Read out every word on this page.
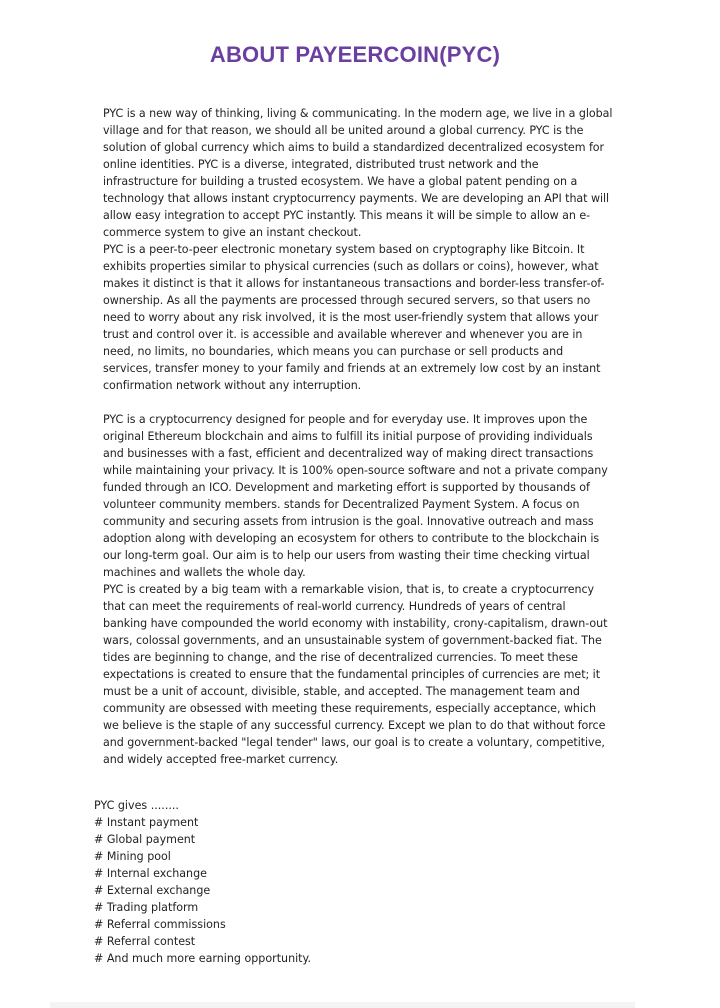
ABOUT PAYEERCOIN(PYC)

PYC is a new way of thinking, living & communicating. In the modern age, we live in a global village and for that reason, we should all be united around a global currency. PYC is the solution of global currency which aims to build a standardized decentralized ecosystem for online identities. PYC is a diverse, integrated, distributed trust network and the infrastructure for building a trusted ecosystem. We have a global patent pending on a technology that allows instant cryptocurrency payments. We are developing an API that will allow easy integration to accept PYC instantly. This means it will be simple to allow an e-commerce system to give an instant checkout.

PYC is a peer-to-peer electronic monetary system based on cryptography like Bitcoin. It exhibits properties similar to physical currencies (such as dollars or coins), however, what makes it distinct is that it allows for instantaneous transactions and border-less transfer-of-ownership. As all the payments are processed through secured servers, so that users no need to worry about any risk involved, it is the most user-friendly system that allows your trust and control over it. is accessible and available wherever and whenever you are in need, no limits, no boundaries, which means you can purchase or sell products and services, transfer money to your family and friends at an extremely low cost by an instant confirmation network without any interruption.

PYC is a cryptocurrency designed for people and for everyday use. It improves upon the original Ethereum blockchain and aims to fulfill its initial purpose of providing individuals and businesses with a fast, efficient and decentralized way of making direct transactions while maintaining your privacy. It is 100% open-source software and not a private company funded through an ICO. Development and marketing effort is supported by thousands of volunteer community members. stands for Decentralized Payment System. A focus on community and securing assets from intrusion is the goal. Innovative outreach and mass adoption along with developing an ecosystem for others to contribute to the blockchain is our long-term goal. Our aim is to help our users from wasting their time checking virtual machines and wallets the whole day.

PYC is created by a big team with a remarkable vision, that is, to create a cryptocurrency that can meet the requirements of real-world currency. Hundreds of years of central banking have compounded the world economy with instability, crony-capitalism, drawn-out wars, colossal governments, and an unsustainable system of government-backed fiat. The tides are beginning to change, and the rise of decentralized currencies. To meet these expectations is created to ensure that the fundamental principles of currencies are met; it must be a unit of account, divisible, stable, and accepted. The management team and community are obsessed with meeting these requirements, especially acceptance, which we believe is the staple of any successful currency. Except we plan to do that without force and government-backed "legal tender" laws, our goal is to create a voluntary, competitive, and widely accepted free-market currency.

PYC gives ........
# Instant payment
# Global payment
# Mining pool
# Internal exchange
# External exchange
# Trading platform
# Referral commissions
# Referral contest
# And much more earning opportunity.
